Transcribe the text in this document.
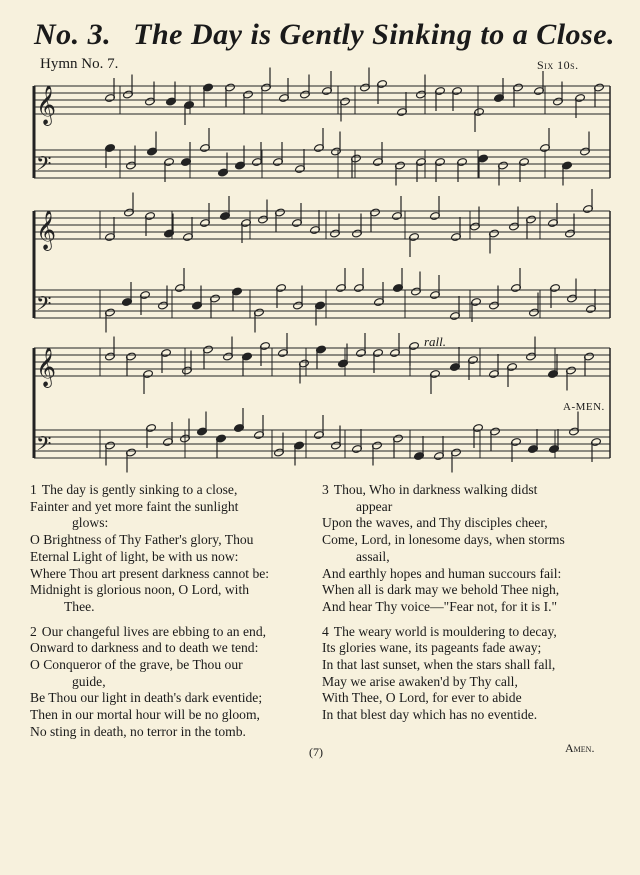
No. 3. The Day is Gently Sinking to a Close.
Hymn No. 7.	Six 10s.
𝄞
𝄢
𝄞
𝄢
𝄞
𝄢
rall.
A-MEN.
1 The day is gently sinking to a close,
Fainter and yet more faint the sunlight
glows:
O Brightness of Thy Father's glory, Thou
Eternal Light of light, be with us now:
Where Thou art present darkness cannot be:
Midnight is glorious noon, O Lord, with
Thee.
2 Our changeful lives are ebbing to an end,
Onward to darkness and to death we tend:
O Conqueror of the grave, be Thou our
guide,
Be Thou our light in death's dark eventide;
Then in our mortal hour will be no gloom,
No sting in death, no terror in the tomb.
3 Thou, Who in darkness walking didst
appear
Upon the waves, and Thy disciples cheer,
Come, Lord, in lonesome days, when storms
assail,
And earthly hopes and human succours fail:
When all is dark may we behold Thee nigh,
And hear Thy voice—"Fear not, for it is I."
4 The weary world is mouldering to decay,
Its glories wane, its pageants fade away;
In that last sunset, when the stars shall fall,
May we arise awaken'd by Thy call,
With Thee, O Lord, for ever to abide
In that blest day which has no eventide.
(7)	Amen.
